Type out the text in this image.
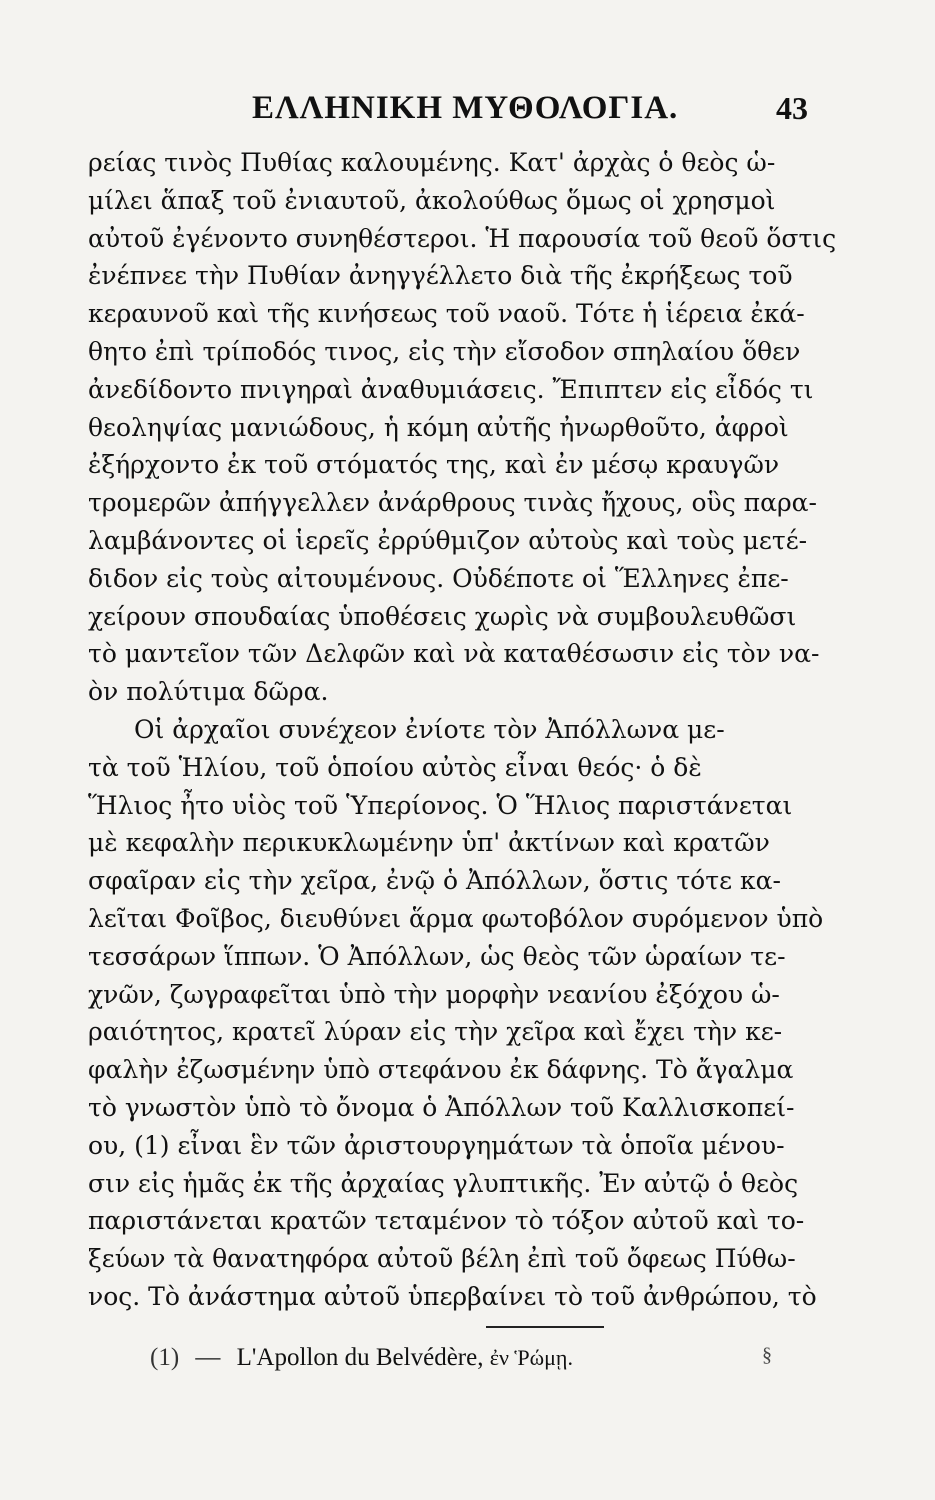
ΕΛΛΗΝΙΚΗ ΜΥΘΟΛΟΓΙΑ.	43
ρείας τινὸς Πυθίας καλουμένης. Κατ' ἀρχὰς ὁ θεὸς ὡ-
μίλει ἅπαξ τοῦ ἐνιαυτοῦ, ἀκολούθως ὅμως οἱ χρησμοὶ
αὐτοῦ ἐγένοντο συνηθέστεροι. Ἡ παρουσία τοῦ θεοῦ ὅστις
ἐνέπνεε τὴν Πυθίαν ἀνηγγέλλετο διὰ τῆς ἐκρήξεως τοῦ
κεραυνοῦ καὶ τῆς κινήσεως τοῦ ναοῦ. Τότε ἡ ἱέρεια ἐκά-
θητο ἐπὶ τρίποδός τινος, εἰς τὴν εἴσοδον σπηλαίου ὅθεν
ἀνεδίδοντο πνιγηραὶ ἀναθυμιάσεις. Ἔπιπτεν εἰς εἶδός τι
θεοληψίας μανιώδους, ἡ κόμη αὐτῆς ἠνωρθοῦτο, ἀφροὶ
ἐξήρχοντο ἐκ τοῦ στόματός της, καὶ ἐν μέσῳ κραυγῶν
τρομερῶν ἀπήγγελλεν ἀνάρθρους τινὰς ἤχους, οὓς παρα-
λαμβάνοντες οἱ ἱερεῖς ἐρρύθμιζον αὐτοὺς καὶ τοὺς μετέ-
διδον εἰς τοὺς αἰτουμένους. Οὐδέποτε οἱ Ἕλληνες ἐπε-
χείρουν σπουδαίας ὑποθέσεις χωρὶς νὰ συμβουλευθῶσι
τὸ μαντεῖον τῶν Δελφῶν καὶ νὰ καταθέσωσιν εἰς τὸν να-
ὸν πολύτιμα δῶρα.
Οἱ ἀρχαῖοι συνέχεον ἐνίοτε τὸν Ἀπόλλωνα με-
τὰ τοῦ Ἡλίου, τοῦ ὁποίου αὐτὸς εἶναι θεός· ὁ δὲ
Ἥλιος ἦτο υἱὸς τοῦ Ὑπερίονος. Ὁ Ἥλιος παριστάνεται
μὲ κεφαλὴν περικυκλωμένην ὑπ' ἀκτίνων καὶ κρατῶν
σφαῖραν εἰς τὴν χεῖρα, ἐνῷ ὁ Ἀπόλλων, ὅστις τότε κα-
λεῖται Φοῖβος, διευθύνει ἅρμα φωτοβόλον συρόμενον ὑπὸ
τεσσάρων ἵππων. Ὁ Ἀπόλλων, ὡς θεὸς τῶν ὡραίων τε-
χνῶν, ζωγραφεῖται ὑπὸ τὴν μορφὴν νεανίου ἐξόχου ὡ-
ραιότητος, κρατεῖ λύραν εἰς τὴν χεῖρα καὶ ἔχει τὴν κε-
φαλὴν ἐζωσμένην ὑπὸ στεφάνου ἐκ δάφνης. Τὸ ἄγαλμα
τὸ γνωστὸν ὑπὸ τὸ ὄνομα ὁ Ἀπόλλων τοῦ Καλλισκοπεί-
ου, (1) εἶναι ἓν τῶν ἀριστουργημάτων τὰ ὁποῖα μένου-
σιν εἰς ἡμᾶς ἐκ τῆς ἀρχαίας γλυπτικῆς. Ἐν αὐτῷ ὁ θεὸς
παριστάνεται κρατῶν τεταμένον τὸ τόξον αὐτοῦ καὶ το-
ξεύων τὰ θανατηφόρα αὐτοῦ βέλη ἐπὶ τοῦ ὄφεως Πύθω-
νος. Τὸ ἀνάστημα αὐτοῦ ὑπερβαίνει τὸ τοῦ ἀνθρώπου, τὸ
(1) — L'Apollon du Belvédère, ἐν Ῥώμῃ.	§
